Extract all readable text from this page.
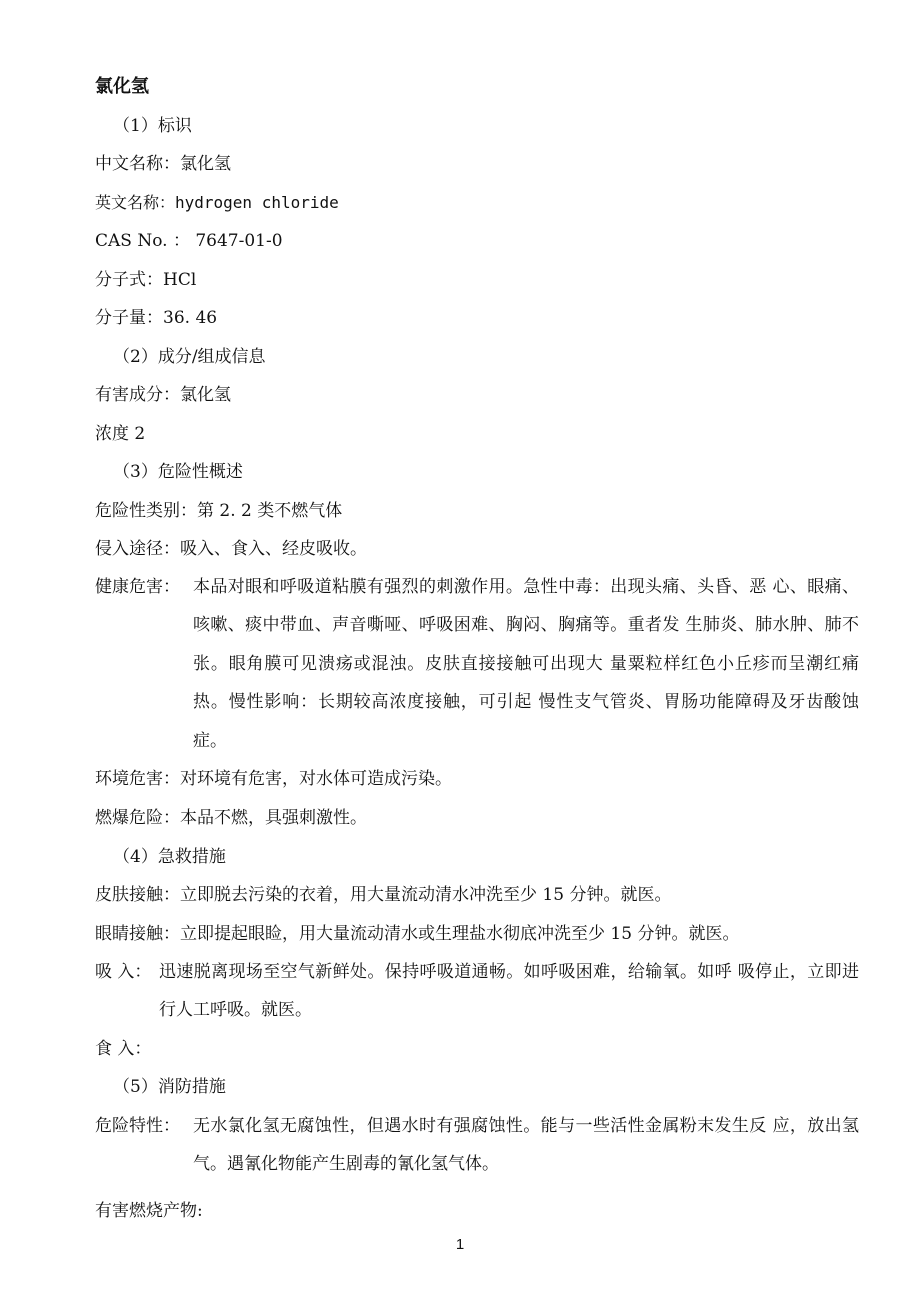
氯化氢
（1）标识
中文名称：氯化氢
英文名称：hydrogen chloride
CAS No. ： 7647-01-0
分子式：HCl
分子量：36. 46
（2）成分/组成信息
有害成分：氯化氢
浓度 2
（3）危险性概述
危险性类别：第 2. 2 类不燃气体
侵入途径：吸入、食入、经皮吸收。
健康危害： 本品对眼和呼吸道粘膜有强烈的刺激作用。急性中毒：出现头痛、头昏、恶 心、眼痛、咳嗽、痰中带血、声音嘶哑、呼吸困难、胸闷、胸痛等。重者发 生肺炎、肺水肿、肺不张。眼角膜可见溃疡或混浊。皮肤直接接触可出现大 量粟粒样红色小丘疹而呈潮红痛热。慢性影响：长期较高浓度接触，可引起 慢性支气管炎、胃肠功能障碍及牙齿酸蚀症。
环境危害：对环境有危害，对水体可造成污染。
燃爆危险：本品不燃，具强刺激性。
（4）急救措施
皮肤接触：立即脱去污染的衣着，用大量流动清水冲洗至少 15 分钟。就医。
眼睛接触：立即提起眼睑，用大量流动清水或生理盐水彻底冲洗至少 15 分钟。就医。
吸 入： 迅速脱离现场至空气新鲜处。保持呼吸道通畅。如呼吸困难，给输氧。如呼 吸停止，立即进行人工呼吸。就医。
食 入：
（5）消防措施
危险特性： 无水氯化氢无腐蚀性，但遇水时有强腐蚀性。能与一些活性金属粉末发生反 应，放出氢气。遇氰化物能产生剧毒的氰化氢气体。
有害燃烧产物:
1
